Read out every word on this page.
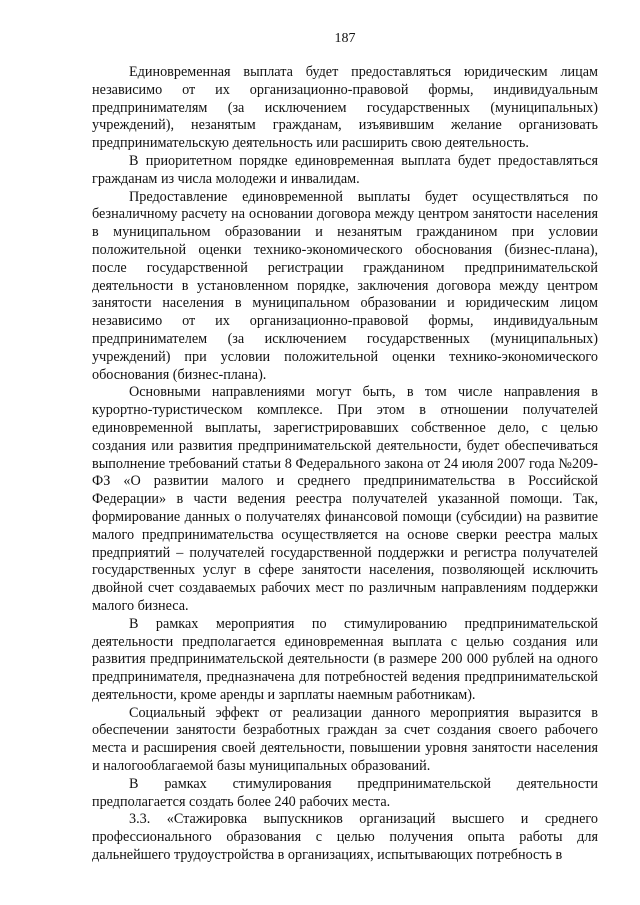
187

Единовременная выплата будет предоставляться юридическим лицам независимо от их организационно-правовой формы, индивидуальным предпринимателям (за исключением государственных (муниципальных) учреждений), незанятым гражданам, изъявившим желание организовать предпринимательскую деятельность или расширить свою деятельность.

В приоритетном порядке единовременная выплата будет предоставляться гражданам из числа молодежи и инвалидам.

Предоставление единовременной выплаты будет осуществляться по безналичному расчету на основании договора между центром занятости населения в муниципальном образовании и незанятым гражданином при условии положительной оценки технико-экономического обоснования (бизнес-плана), после государственной регистрации гражданином предпринимательской деятельности в установленном порядке, заключения договора между центром занятости населения в муниципальном образовании и юридическим лицом независимо от их организационно-правовой формы, индивидуальным предпринимателем (за исключением государственных (муниципальных) учреждений) при условии положительной оценки технико-экономического обоснования (бизнес-плана).

Основными направлениями могут быть, в том числе направления в курортно-туристическом комплексе. При этом в отношении получателей единовременной выплаты, зарегистрировавших собственное дело, с целью создания или развития предпринимательской деятельности, будет обеспечиваться выполнение требований статьи 8 Федерального закона от 24 июля 2007 года №209-ФЗ «О развитии малого и среднего предпринимательства в Российской Федерации» в части ведения реестра получателей указанной помощи. Так, формирование данных о получателях финансовой помощи (субсидии) на развитие малого предпринимательства осуществляется на основе сверки реестра малых предприятий – получателей государственной поддержки и регистра получателей государственных услуг в сфере занятости населения, позволяющей исключить двойной счет создаваемых рабочих мест по различным направлениям поддержки малого бизнеса.

В рамках мероприятия по стимулированию предпринимательской деятельности предполагается единовременная выплата с целью создания или развития предпринимательской деятельности (в размере 200 000 рублей на одного предпринимателя, предназначена для потребностей ведения предпринимательской деятельности, кроме аренды и зарплаты наемным работникам).

Социальный эффект от реализации данного мероприятия выразится в обеспечении занятости безработных граждан за счет создания своего рабочего места и расширения своей деятельности, повышении уровня занятости населения и налогооблагаемой базы муниципальных образований.

В рамках стимулирования предпринимательской деятельности предполагается создать более 240 рабочих места.

3.3. «Стажировка выпускников организаций высшего и среднего профессионального образования с целью получения опыта работы для дальнейшего трудоустройства в организациях, испытывающих потребность в
